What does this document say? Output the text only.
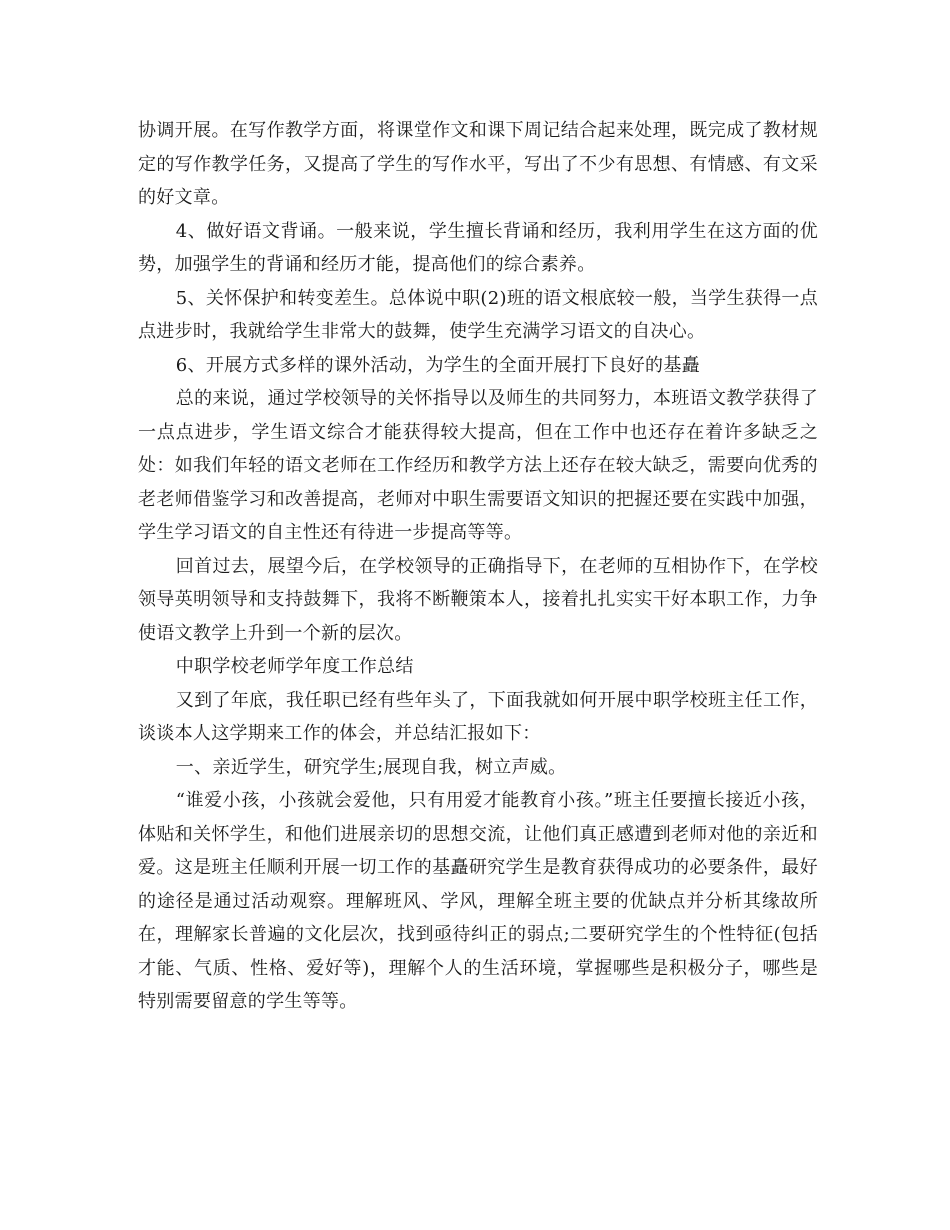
协调开展。在写作教学方面，将课堂作文和课下周记结合起来处理，既完成了教材规定的写作教学任务，又提高了学生的写作水平，写出了不少有思想、有情感、有文采的好文章。

4、做好语文背诵。一般来说，学生擅长背诵和经历，我利用学生在这方面的优势，加强学生的背诵和经历才能，提高他们的综合素养。

5、关怀保护和转变差生。总体说中职(2)班的语文根底较一般，当学生获得一点点进步时，我就给学生非常大的鼓舞，使学生充满学习语文的自决心。

6、开展方式多样的课外活动，为学生的全面开展打下良好的基矗

总的来说，通过学校领导的关怀指导以及师生的共同努力，本班语文教学获得了一点点进步，学生语文综合才能获得较大提高，但在工作中也还存在着许多缺乏之处：如我们年轻的语文老师在工作经历和教学方法上还存在较大缺乏，需要向优秀的老老师借鉴学习和改善提高，老师对中职生需要语文知识的把握还要在实践中加强，学生学习语文的自主性还有待进一步提高等等。

回首过去，展望今后，在学校领导的正确指导下，在老师的互相协作下，在学校领导英明领导和支持鼓舞下，我将不断鞭策本人，接着扎扎实实干好本职工作，力争使语文教学上升到一个新的层次。

中职学校老师学年度工作总结

又到了年底，我任职已经有些年头了，下面我就如何开展中职学校班主任工作，谈谈本人这学期来工作的体会，并总结汇报如下：

一、亲近学生，研究学生;展现自我，树立声威。

“谁爱小孩，小孩就会爱他，只有用爱才能教育小孩。”班主任要擅长接近小孩，体贴和关怀学生，和他们进展亲切的思想交流，让他们真正感遭到老师对他的亲近和爱。这是班主任顺利开展一切工作的基矗研究学生是教育获得成功的必要条件，最好的途径是通过活动观察。理解班风、学风，理解全班主要的优缺点并分析其缘故所在，理解家长普遍的文化层次，找到亟待纠正的弱点;二要研究学生的个性特征(包括才能、气质、性格、爱好等)，理解个人的生活环境，掌握哪些是积极分子，哪些是特别需要留意的学生等等。
